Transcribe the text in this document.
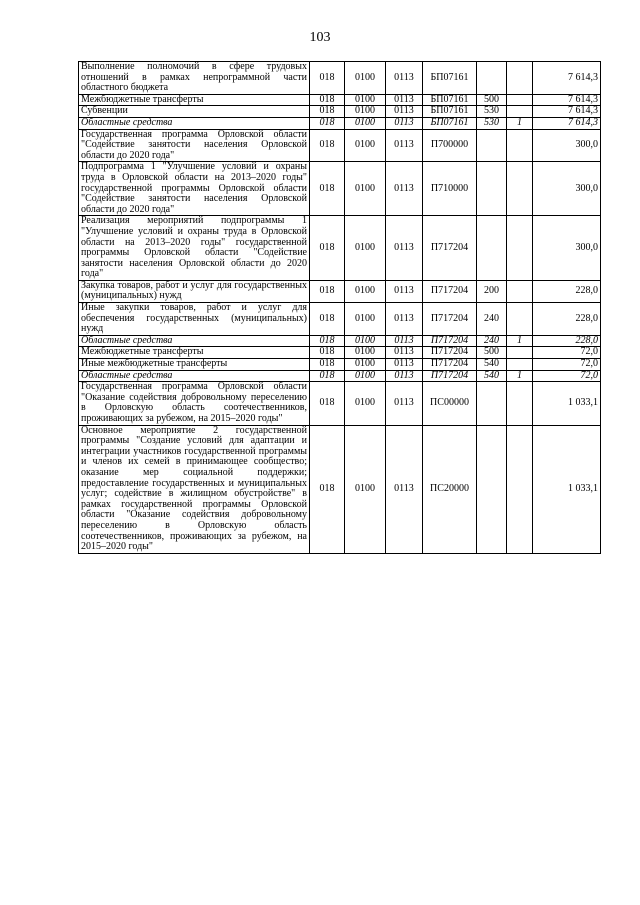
103
Выполнение полномочий в сфере трудовых отношений в рамках непрограммной части областного бюджета	018	0100	0113	БП07161			7 614,3
Межбюджетные трансферты	018	0100	0113	БП07161	500		7 614,3
Субвенции	018	0100	0113	БП07161	530		7 614,3
Областные средства	018	0100	0113	БП07161	530	1	7 614,3
Государственная программа Орловской области "Содействие занятости населения Орловской области до 2020 года"	018	0100	0113	П700000			300,0
Подпрограмма 1 "Улучшение условий и охраны труда в Орловской области на 2013–2020 годы" государственной программы Орловской области "Содействие занятости населения Орловской области до 2020 года"	018	0100	0113	П710000			300,0
Реализация мероприятий подпрограммы 1 "Улучшение условий и охраны труда в Орловской области на 2013–2020 годы" государственной программы Орловской области "Содействие занятости населения Орловской области до 2020 года"	018	0100	0113	П717204			300,0
Закупка товаров, работ и услуг для государственных (муниципальных) нужд	018	0100	0113	П717204	200		228,0
Иные закупки товаров, работ и услуг для обеспечения государственных (муниципальных) нужд	018	0100	0113	П717204	240		228,0
Областные средства	018	0100	0113	П717204	240	1	228,0
Межбюджетные трансферты	018	0100	0113	П717204	500		72,0
Иные межбюджетные трансферты	018	0100	0113	П717204	540		72,0
Областные средства	018	0100	0113	П717204	540	1	72,0
Государственная программа Орловской области "Оказание содействия добровольному переселению в Орловскую область соотечественников, проживающих за рубежом, на 2015–2020 годы"	018	0100	0113	ПС00000			1 033,1
Основное мероприятие 2 государственной программы "Создание условий для адаптации и интеграции участников государственной программы и членов их семей в принимающее сообщество; оказание мер социальной поддержки; предоставление государственных и муниципальных услуг; содействие в жилищном обустройстве" в рамках государственной программы Орловской области "Оказание содействия добровольному переселению в Орловскую область соотечественников, проживающих за рубежом, на 2015–2020 годы"	018	0100	0113	ПС20000			1 033,1
